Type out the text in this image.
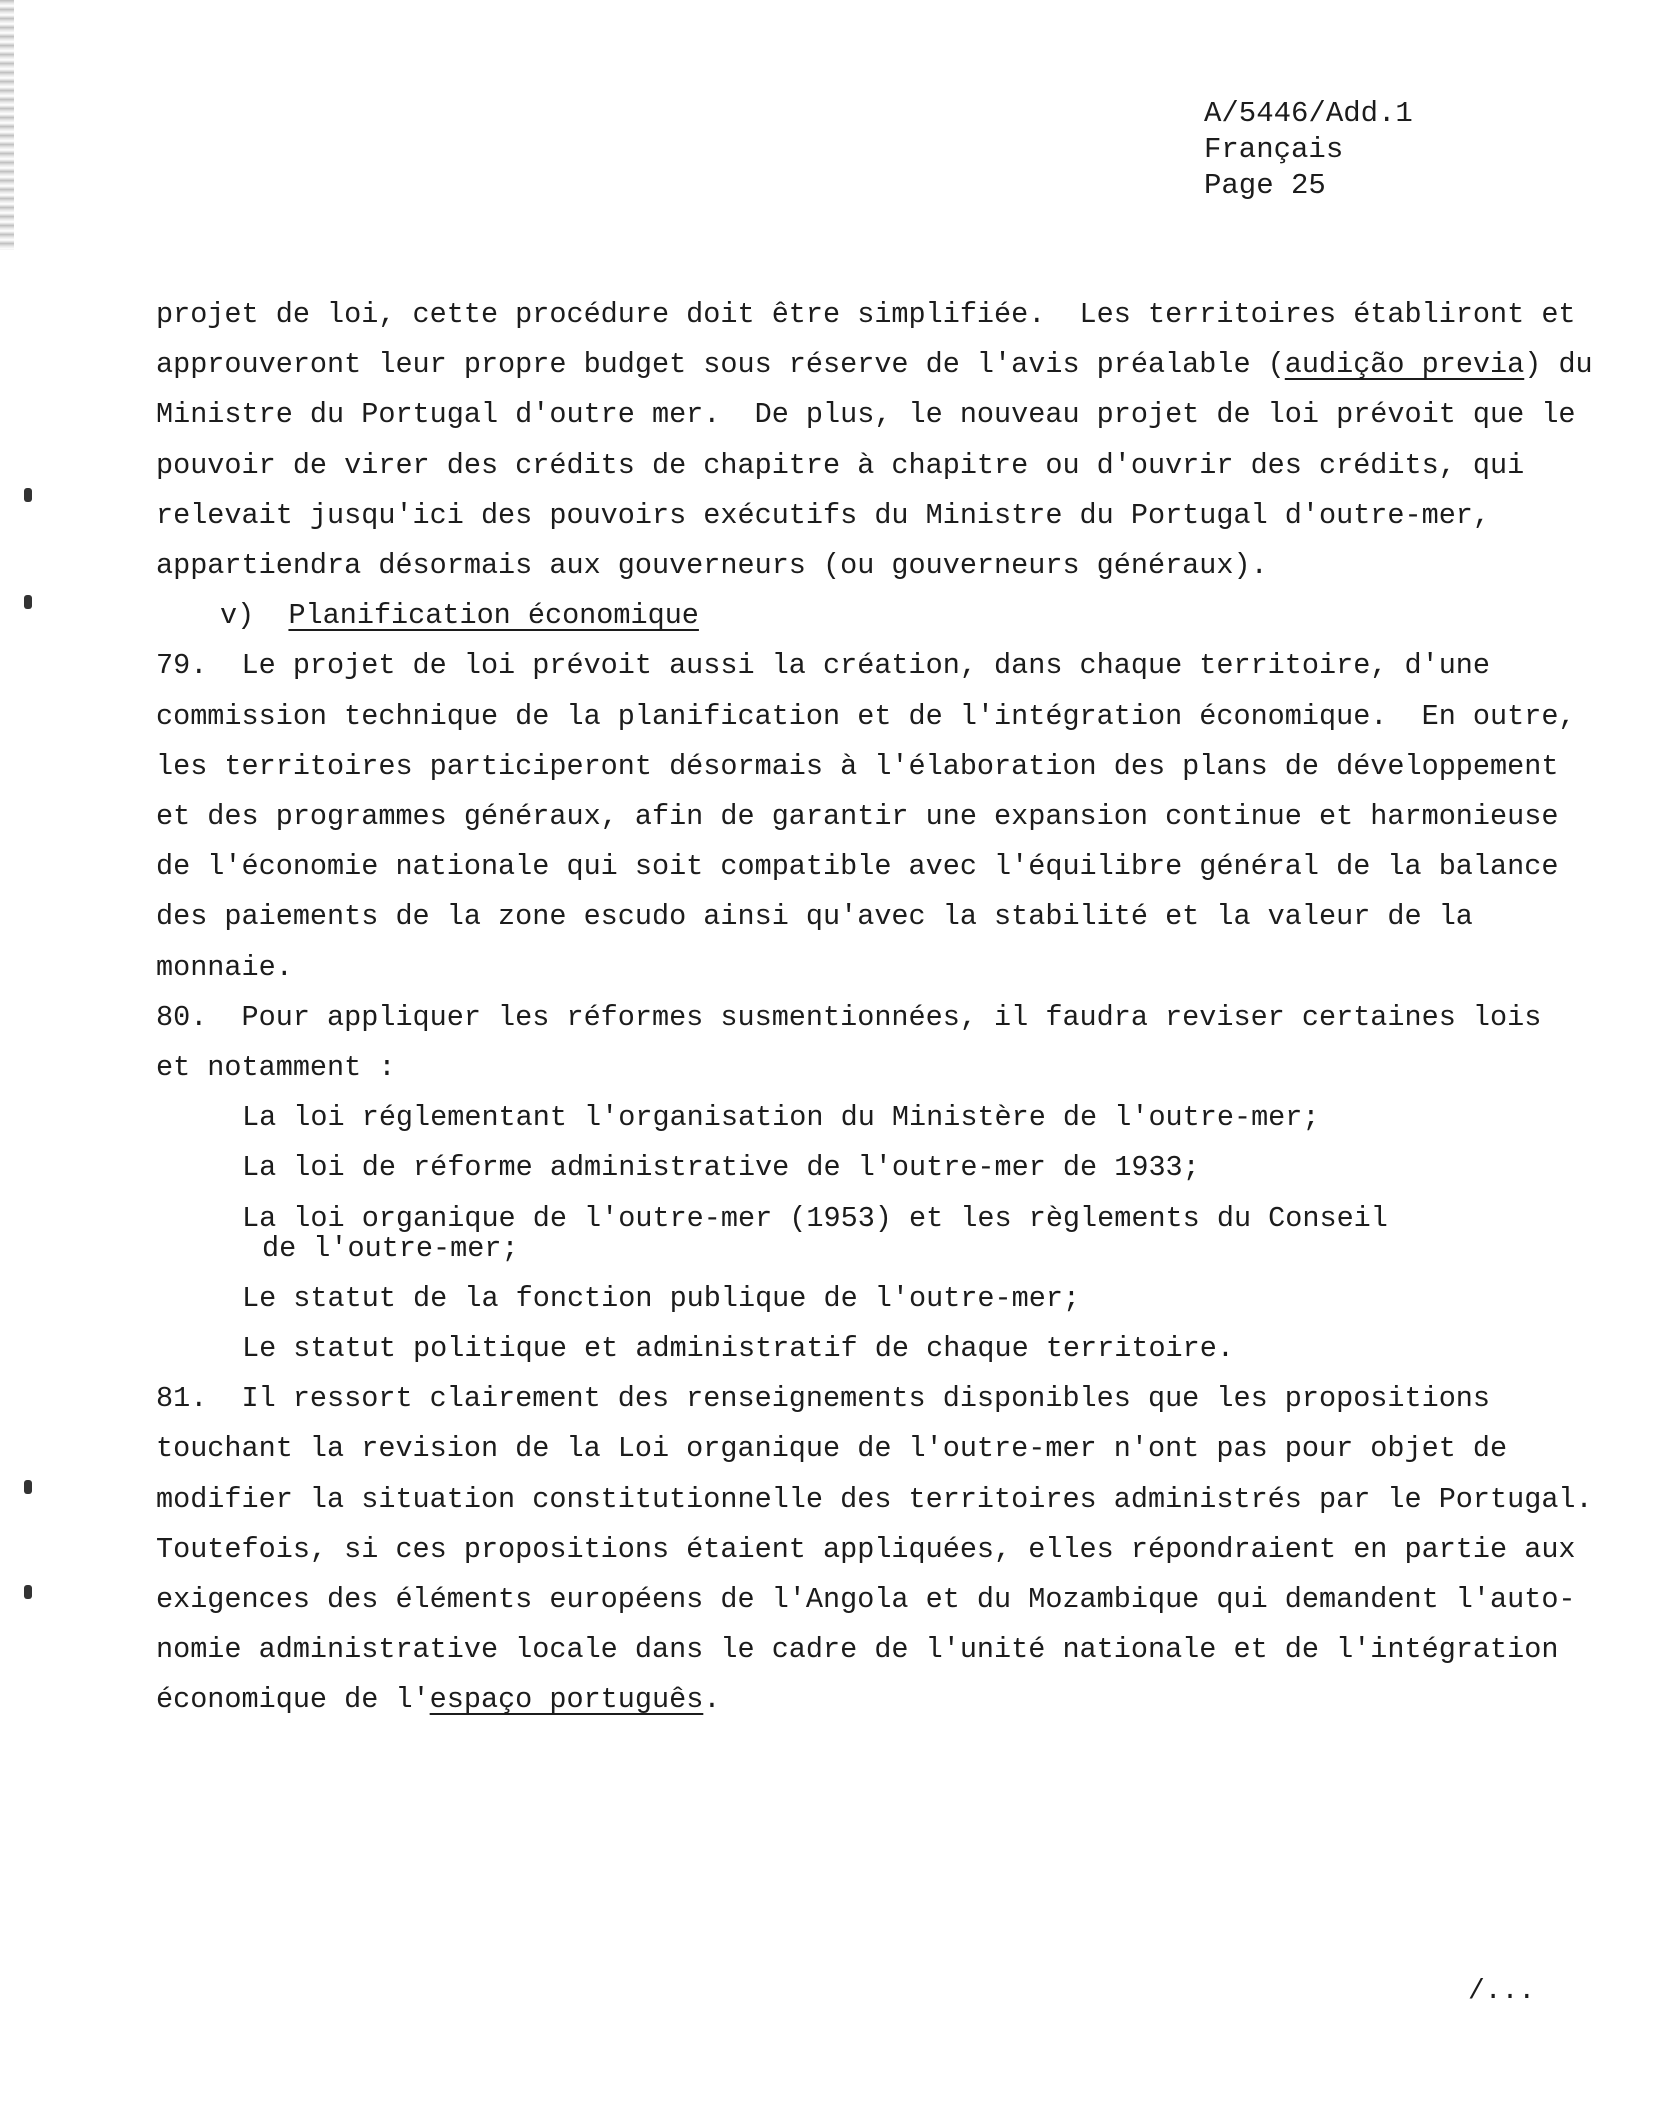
A/5446/Add.1
Français
Page 25
projet de loi, cette procédure doit être simplifiée.  Les territoires établiront et
approuveront leur propre budget sous réserve de l'avis préalable (audição previa) du
Ministre du Portugal d'outre mer.  De plus, le nouveau projet de loi prévoit que le
pouvoir de virer des crédits de chapitre à chapitre ou d'ouvrir des crédits, qui
relevait jusqu'ici des pouvoirs exécutifs du Ministre du Portugal d'outre-mer,
appartiendra désormais aux gouverneurs (ou gouverneurs généraux).
v) Planification économique
79.  Le projet de loi prévoit aussi la création, dans chaque territoire, d'une
commission technique de la planification et de l'intégration économique.  En outre,
les territoires participeront désormais à l'élaboration des plans de développement
et des programmes généraux, afin de garantir une expansion continue et harmonieuse
de l'économie nationale qui soit compatible avec l'équilibre général de la balance
des paiements de la zone escudo ainsi qu'avec la stabilité et la valeur de la
monnaie.
80.  Pour appliquer les réformes susmentionnées, il faudra reviser certaines lois
et notamment :
La loi réglementant l'organisation du Ministère de l'outre-mer;
La loi de réforme administrative de l'outre-mer de 1933;
La loi organique de l'outre-mer (1953) et les règlements du Conseil
de l'outre-mer;
Le statut de la fonction publique de l'outre-mer;
Le statut politique et administratif de chaque territoire.
81.  Il ressort clairement des renseignements disponibles que les propositions
touchant la revision de la Loi organique de l'outre-mer n'ont pas pour objet de
modifier la situation constitutionnelle des territoires administrés par le Portugal.
Toutefois, si ces propositions étaient appliquées, elles répondraient en partie aux
exigences des éléments européens de l'Angola et du Mozambique qui demandent l'auto-
nomie administrative locale dans le cadre de l'unité nationale et de l'intégration
économique de l'espaço português.
/...
